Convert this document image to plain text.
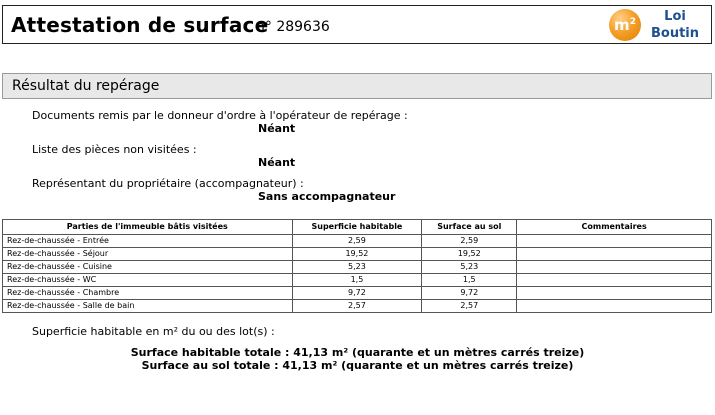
Attestation de surface
n° 289636	m 2	Loi
Boutin
Résultat du repérage
Documents remis par le donneur d'ordre à l'opérateur de repérage :
Néant
Liste des pièces non visitées :
Néant
Représentant du propriétaire (accompagnateur) :
Sans accompagnateur
Parties de l'immeuble bâtis visitées	Superficie habitable	Surface au sol	Commentaires
Rez-de-chaussée - Entrée	2,59	2,59	
Rez-de-chaussée - Séjour	19,52	19,52	
Rez-de-chaussée - Cuisine	5,23	5,23	
Rez-de-chaussée - WC	1,5	1,5	
Rez-de-chaussée - Chambre	9,72	9,72	
Rez-de-chaussée - Salle de bain	2,57	2,57	
Superficie habitable en m² du ou des lot(s) :
Surface habitable totale : 41,13 m² (quarante et un mètres carrés treize)
Surface au sol totale : 41,13 m² (quarante et un mètres carrés treize)
